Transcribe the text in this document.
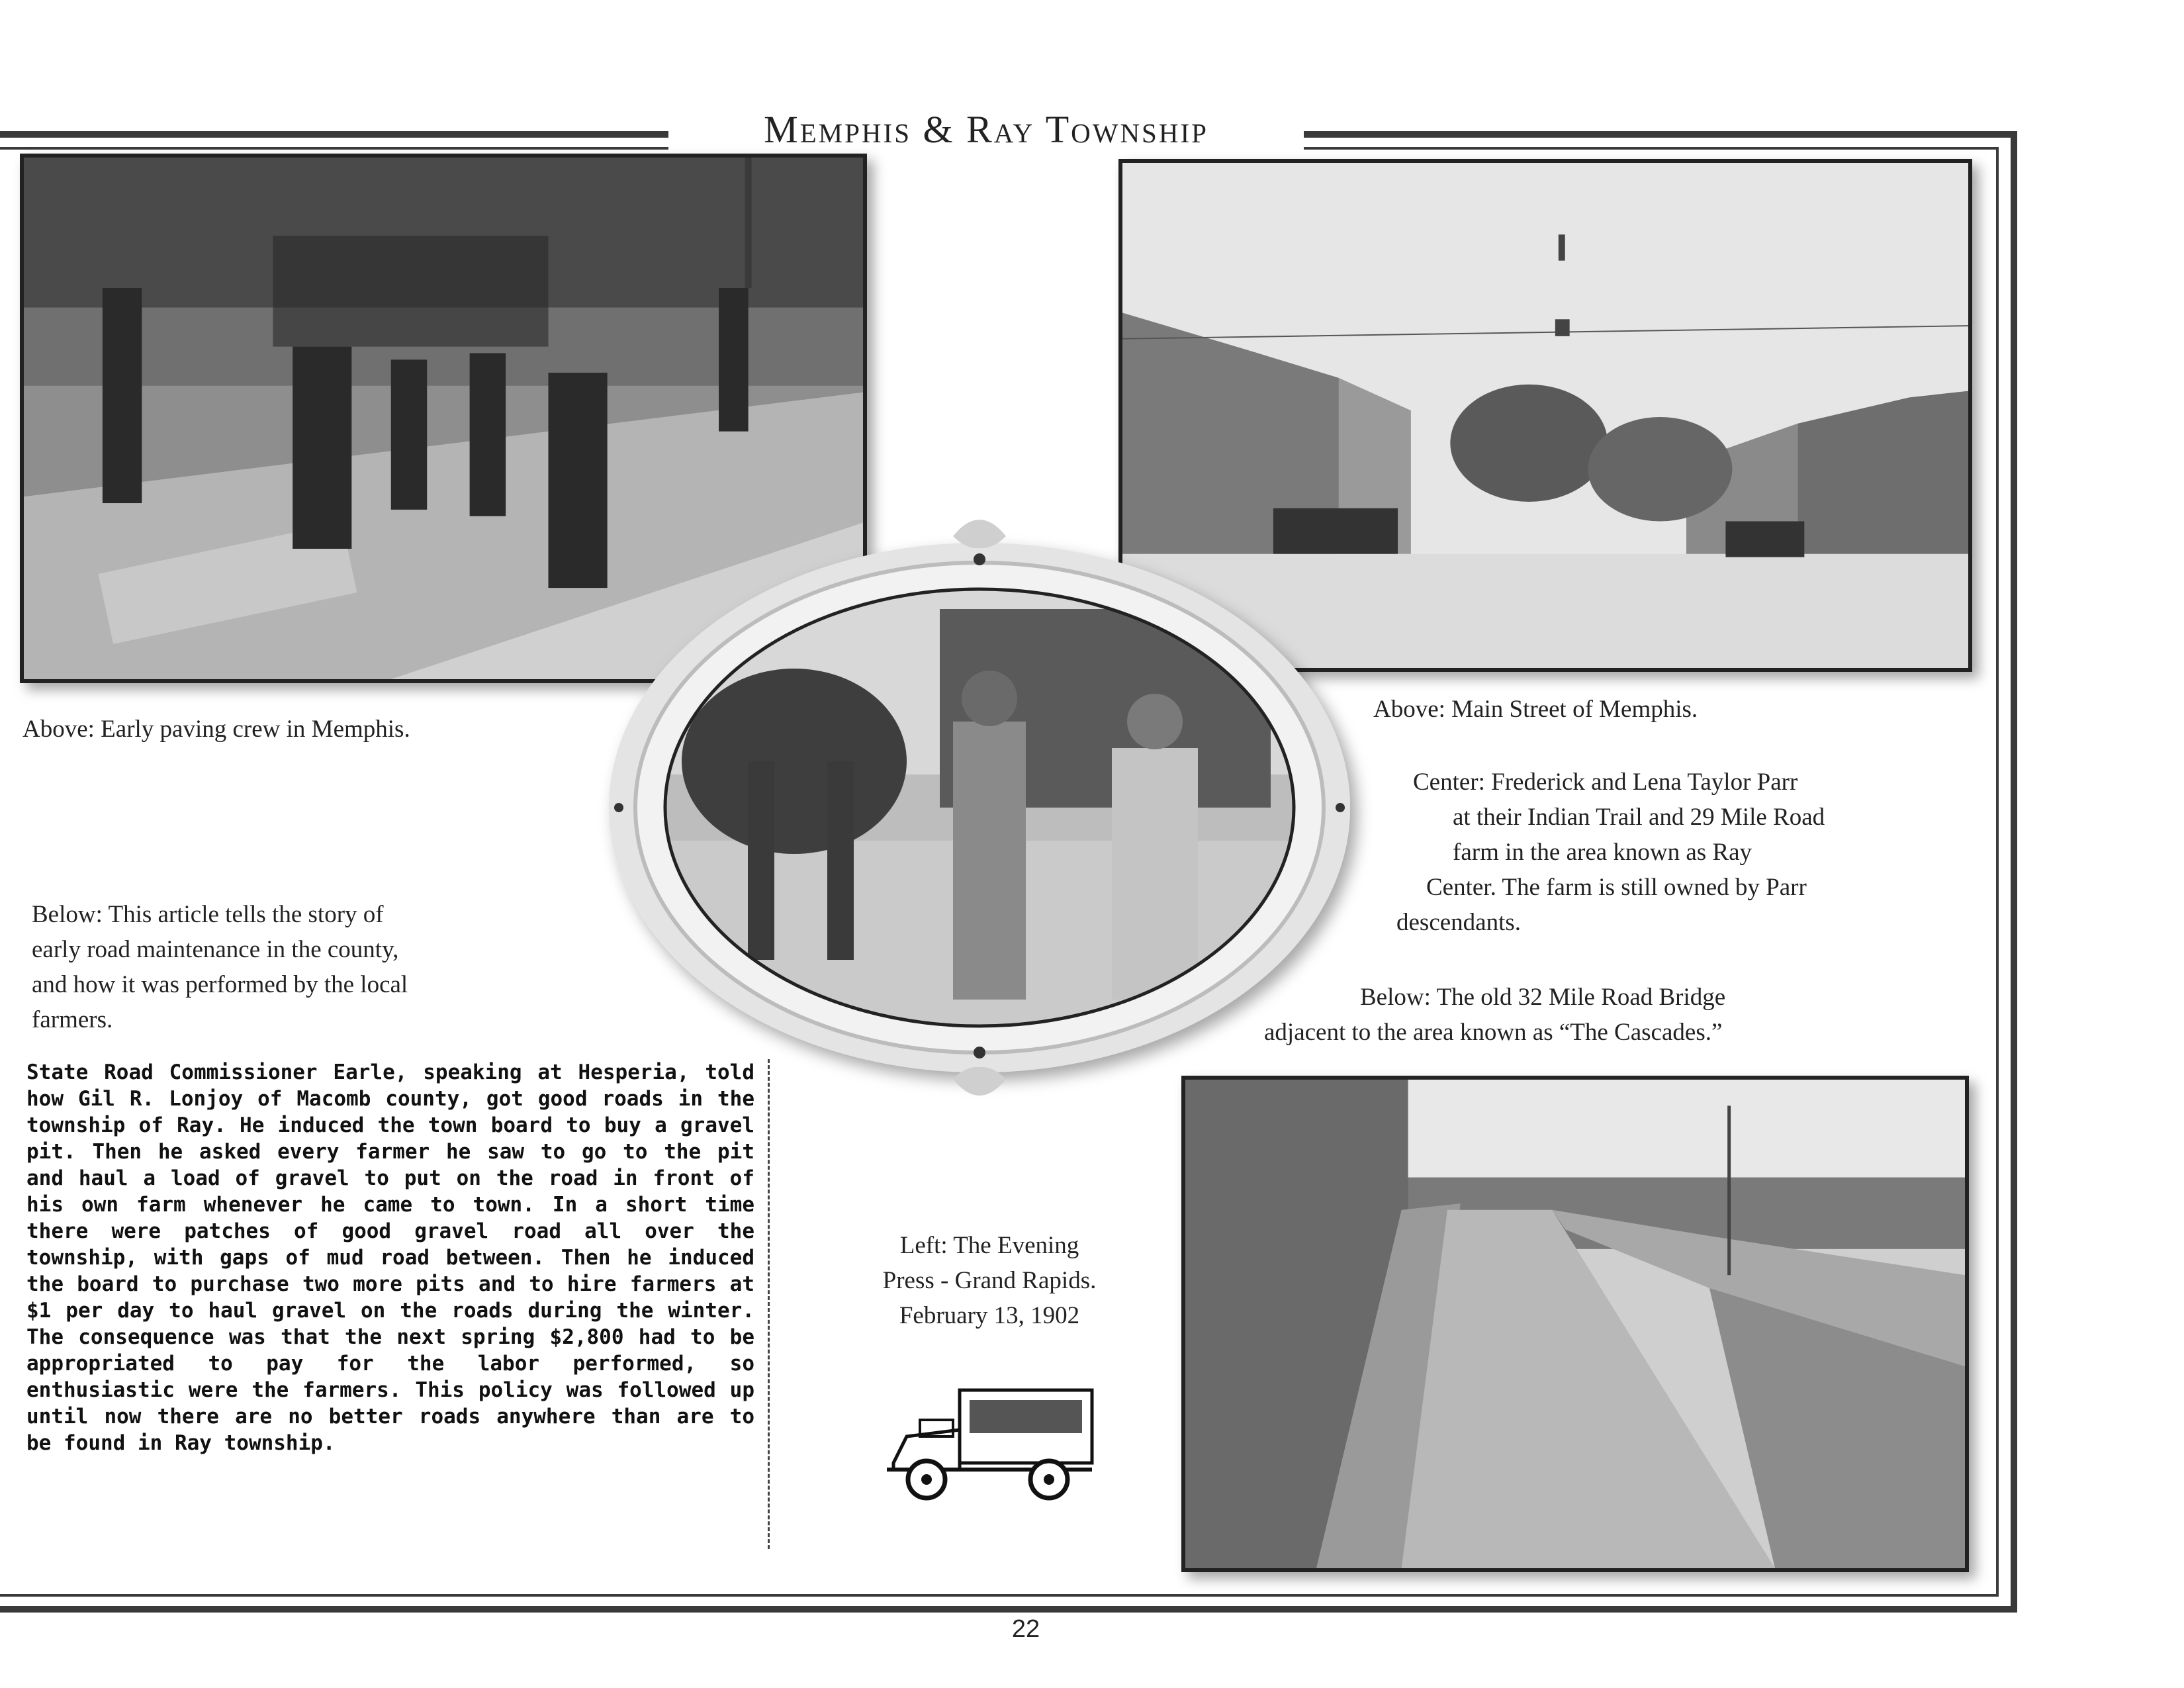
Memphis & Ray Township
Above: Early paving crew in Memphis.
Above: Main Street of Memphis.
Center: Frederick and Lena Taylor Parr
at their Indian Trail and 29 Mile Road
farm in the area known as Ray
Center. The farm is still owned by Parr
descendants.
Below: The old 32 Mile Road Bridge
adjacent to the area known as “The Cascades.”
Below: This article tells the story of
early road maintenance in the county,
and how it was performed by the local
farmers.
State Road Commissioner Earle, speaking at Hesperia, told how Gil R. Lonjoy of Macomb county, got good roads in the township of Ray. He induced the town board to buy a gravel pit. Then he asked every farmer he saw to go to the pit and haul a load of gravel to put on the road in front of his own farm whenever he came to town. In a short time there were patches of good gravel road all over the township, with gaps of mud road between. Then he induced the board to purchase two more pits and to hire farmers at $1 per day to haul gravel on the roads during the winter. The consequence was that the next spring $2,800 had to be appropriated to pay for the labor performed, so enthusiastic were the farmers. This policy was followed up until now there are no better roads anywhere than are to be found in Ray township.
Left: The Evening
Press - Grand Rapids.
February 13, 1902
22
